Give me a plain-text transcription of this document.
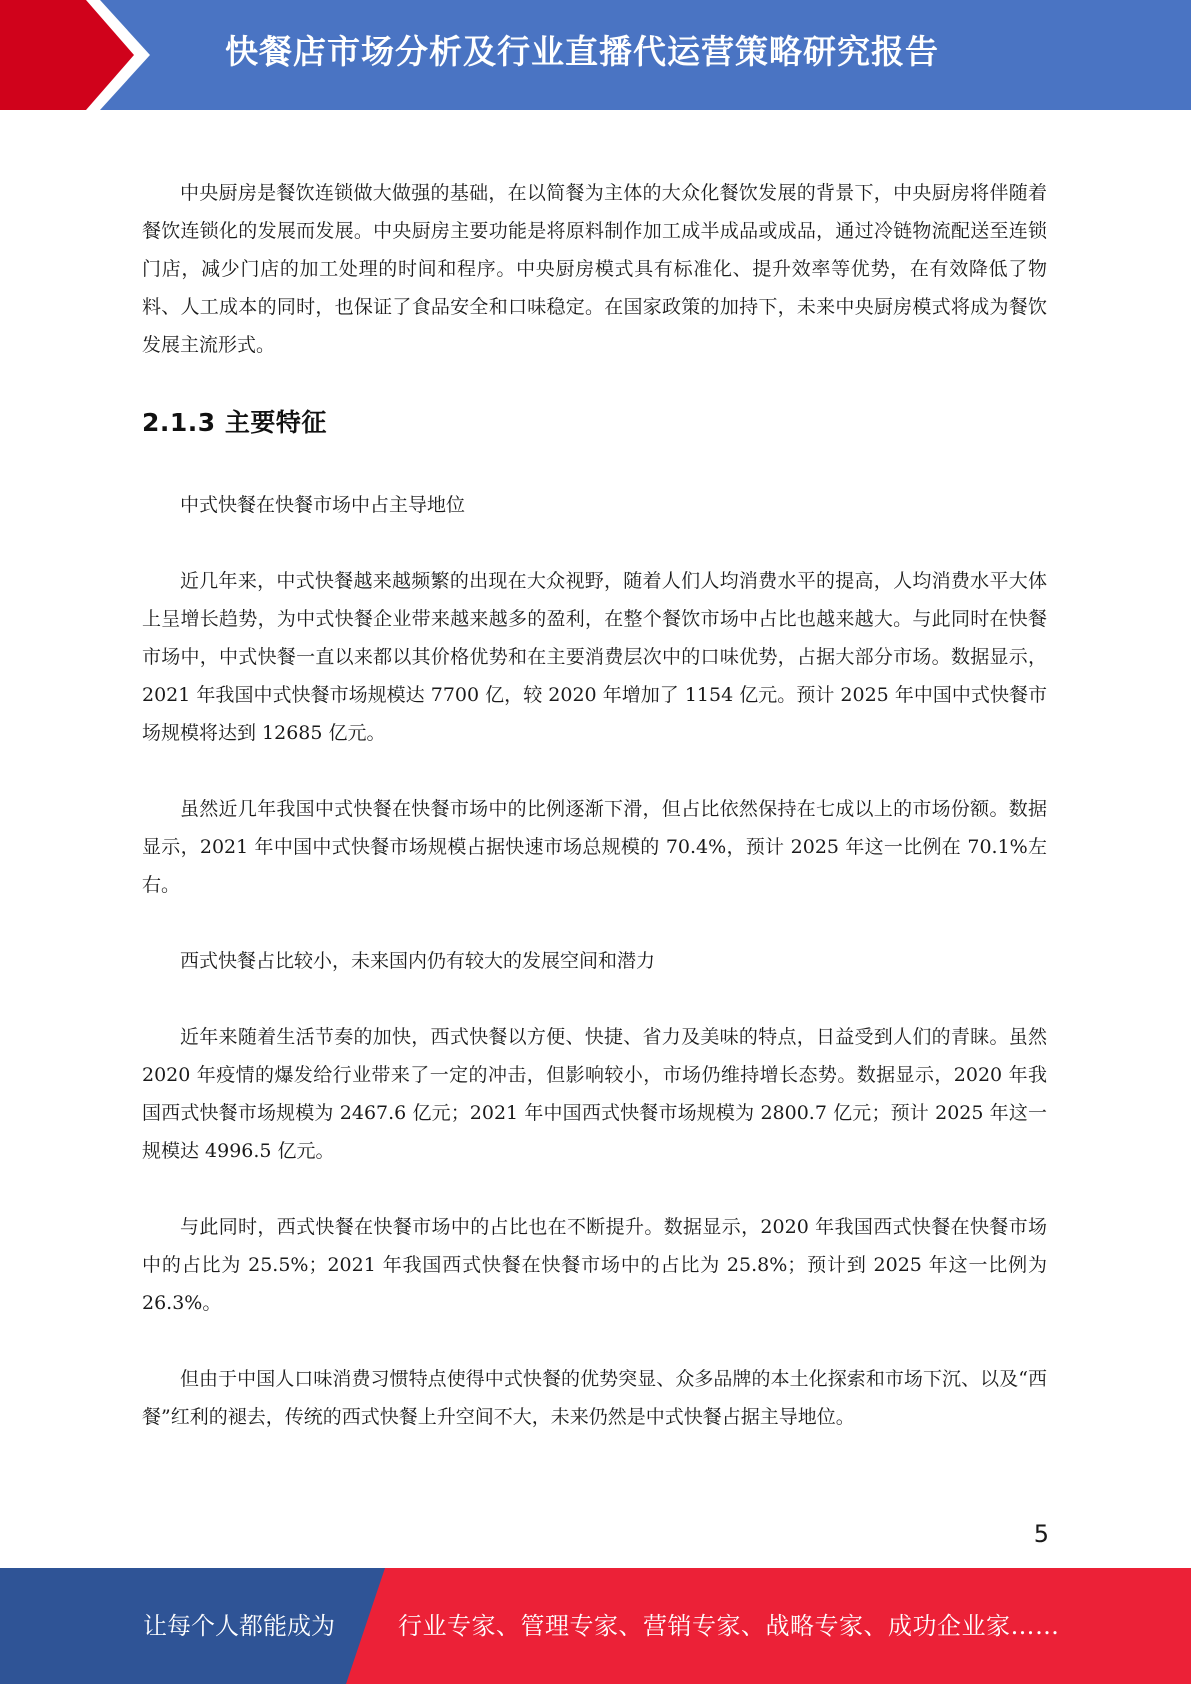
快餐店市场分析及行业直播代运营策略研究报告

中央厨房是餐饮连锁做大做强的基础，在以简餐为主体的大众化餐饮发展的背景下，中央厨房将伴随着餐饮连锁化的发展而发展。中央厨房主要功能是将原料制作加工成半成品或成品，通过冷链物流配送至连锁门店，减少门店的加工处理的时间和程序。中央厨房模式具有标准化、提升效率等优势，在有效降低了物料、人工成本的同时，也保证了食品安全和口味稳定。在国家政策的加持下，未来中央厨房模式将成为餐饮发展主流形式。

2.1.3 主要特征

中式快餐在快餐市场中占主导地位

近几年来，中式快餐越来越频繁的出现在大众视野，随着人们人均消费水平的提高，人均消费水平大体上呈增长趋势，为中式快餐企业带来越来越多的盈利，在整个餐饮市场中占比也越来越大。与此同时在快餐市场中，中式快餐一直以来都以其价格优势和在主要消费层次中的口味优势，占据大部分市场。数据显示，2021 年我国中式快餐市场规模达 7700 亿，较 2020 年增加了 1154 亿元。预计 2025 年中国中式快餐市场规模将达到 12685 亿元。

虽然近几年我国中式快餐在快餐市场中的比例逐渐下滑，但占比依然保持在七成以上的市场份额。数据显示，2021 年中国中式快餐市场规模占据快速市场总规模的 70.4%，预计 2025 年这一比例在 70.1%左右。

西式快餐占比较小，未来国内仍有较大的发展空间和潜力

近年来随着生活节奏的加快，西式快餐以方便、快捷、省力及美味的特点，日益受到人们的青睐。虽然 2020 年疫情的爆发给行业带来了一定的冲击，但影响较小，市场仍维持增长态势。数据显示，2020 年我国西式快餐市场规模为 2467.6 亿元；2021 年中国西式快餐市场规模为 2800.7 亿元；预计 2025 年这一规模达 4996.5 亿元。

与此同时，西式快餐在快餐市场中的占比也在不断提升。数据显示，2020 年我国西式快餐在快餐市场中的占比为 25.5%；2021 年我国西式快餐在快餐市场中的占比为 25.8%；预计到 2025 年这一比例为 26.3%。

但由于中国人口味消费习惯特点使得中式快餐的优势突显、众多品牌的本土化探索和市场下沉、以及“西餐”红利的褪去，传统的西式快餐上升空间不大，未来仍然是中式快餐占据主导地位。

5
让每个人都能成为	行业专家、管理专家、营销专家、战略专家、成功企业家……
